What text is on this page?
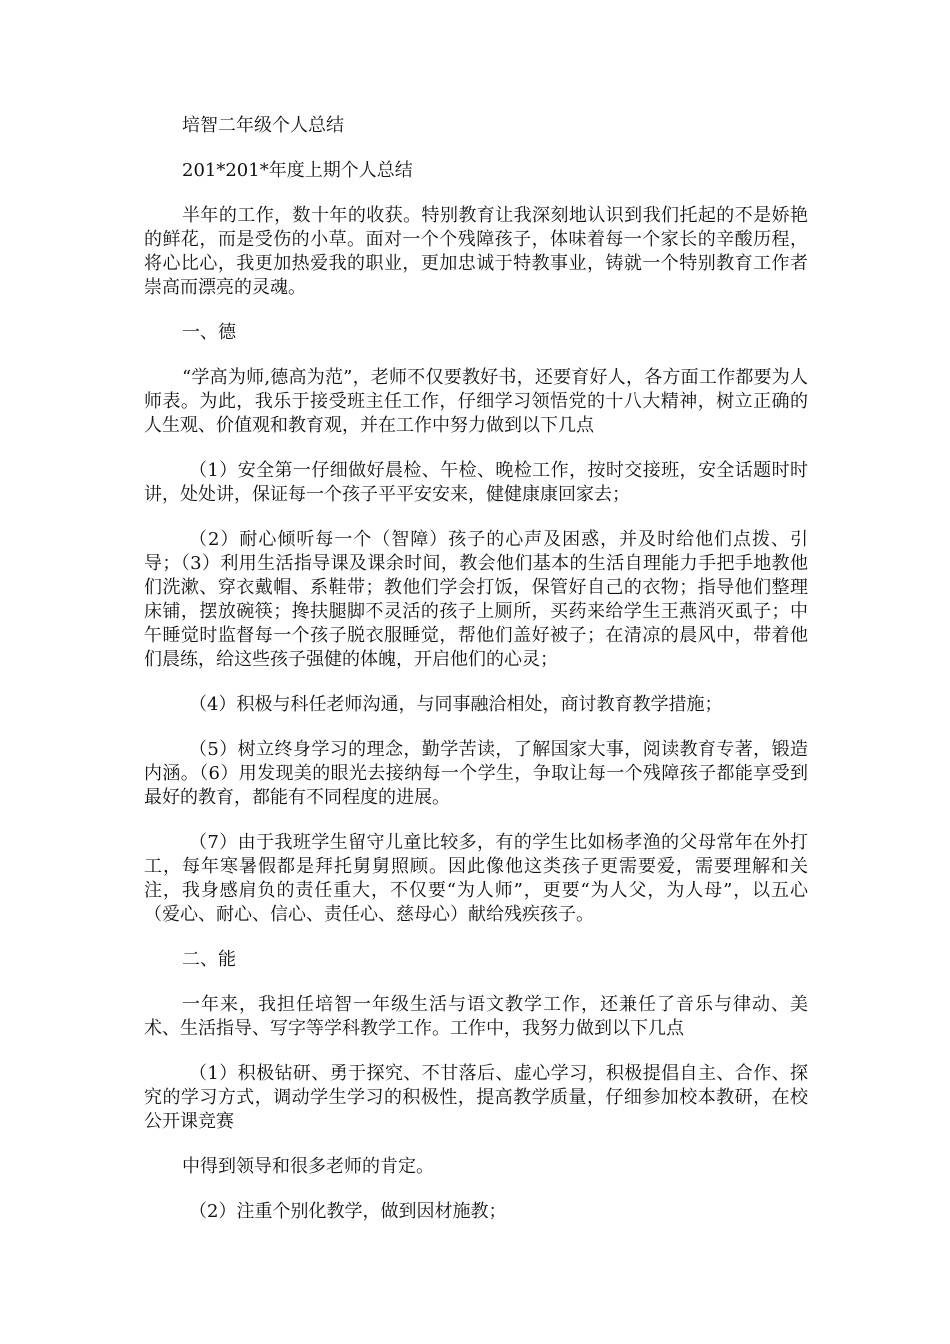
培智二年级个人总结

201*201*年度上期个人总结

半年的工作，数十年的收获。特别教育让我深刻地认识到我们托起的不是娇艳的鲜花，而是受伤的小草。面对一个个残障孩子，体味着每一个家长的辛酸历程，将心比心，我更加热爱我的职业，更加忠诚于特教事业，铸就一个特别教育工作者崇高而漂亮的灵魂。

一、德

“学高为师,德高为范”，老师不仅要教好书，还要育好人，各方面工作都要为人师表。为此，我乐于接受班主任工作，仔细学习领悟党的十八大精神，树立正确的人生观、价值观和教育观，并在工作中努力做到以下几点

（1）安全第一仔细做好晨检、午检、晚检工作，按时交接班，安全话题时时讲，处处讲，保证每一个孩子平平安安来，健健康康回家去；

（2）耐心倾听每一个（智障）孩子的心声及困惑，并及时给他们点拨、引导；（3）利用生活指导课及课余时间，教会他们基本的生活自理能力手把手地教他们洗漱、穿衣戴帽、系鞋带；教他们学会打饭，保管好自己的衣物；指导他们整理床铺，摆放碗筷；搀扶腿脚不灵活的孩子上厕所，买药来给学生王燕消灭虱子；中午睡觉时监督每一个孩子脱衣服睡觉，帮他们盖好被子；在清凉的晨风中，带着他们晨练，给这些孩子强健的体魄，开启他们的心灵；

（4）积极与科任老师沟通，与同事融洽相处，商讨教育教学措施；

（5）树立终身学习的理念，勤学苦读，了解国家大事，阅读教育专著，锻造内涵。（6）用发现美的眼光去接纳每一个学生，争取让每一个残障孩子都能享受到最好的教育，都能有不同程度的进展。

（7）由于我班学生留守儿童比较多，有的学生比如杨孝渔的父母常年在外打工，每年寒暑假都是拜托舅舅照顾。因此像他这类孩子更需要爱，需要理解和关注，我身感肩负的责任重大，不仅要“为人师”，更要“为人父，为人母”，以五心（爱心、耐心、信心、责任心、慈母心）献给残疾孩子。

二、能

一年来，我担任培智一年级生活与语文教学工作，还兼任了音乐与律动、美术、生活指导、写字等学科教学工作。工作中，我努力做到以下几点

（1）积极钻研、勇于探究、不甘落后、虚心学习，积极提倡自主、合作、探究的学习方式，调动学生学习的积极性，提高教学质量，仔细参加校本教研，在校公开课竞赛

中得到领导和很多老师的肯定。

（2）注重个别化教学，做到因材施教；
